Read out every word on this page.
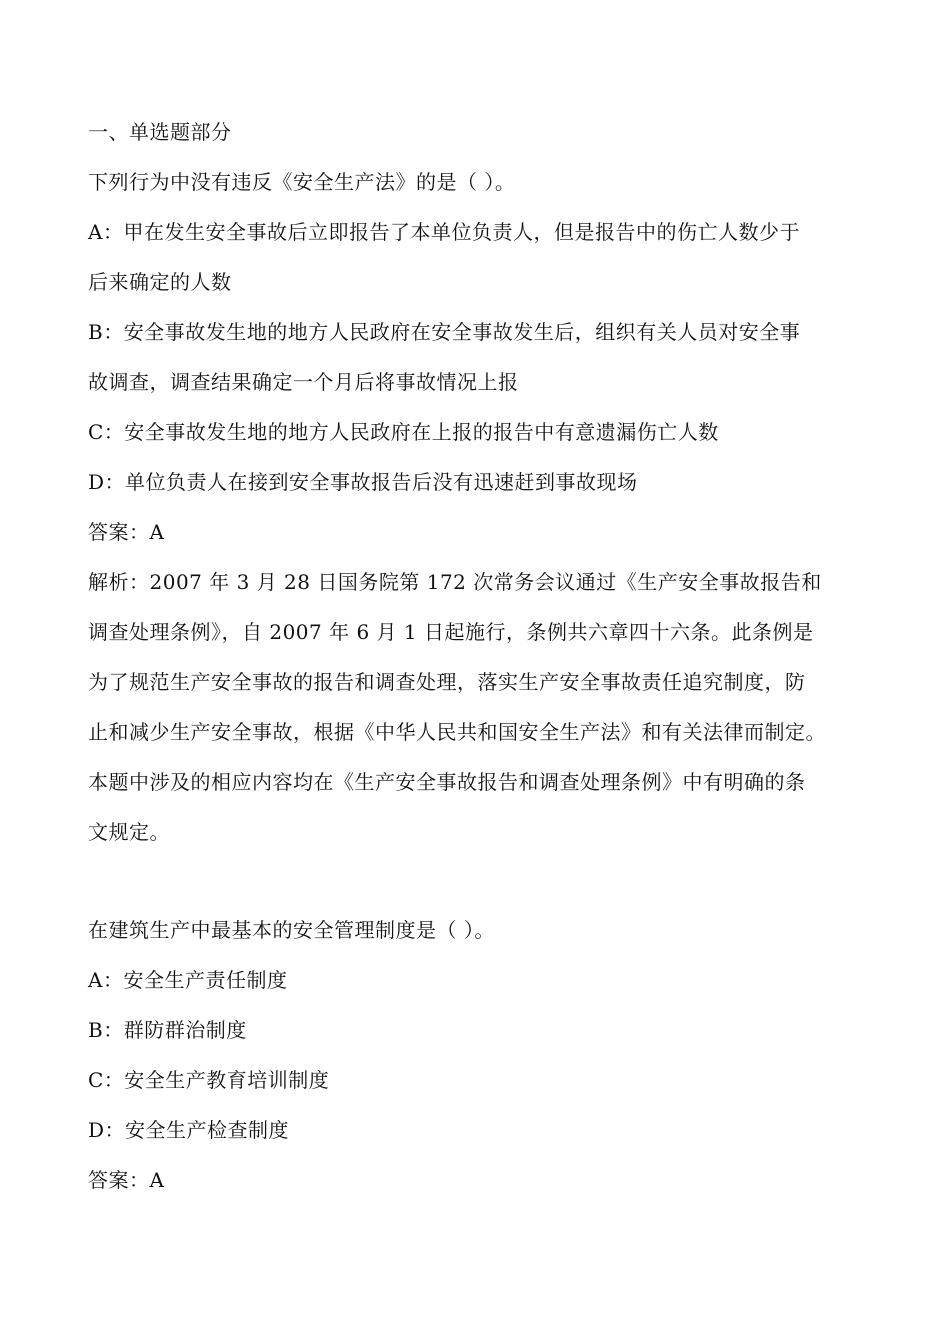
一、单选题部分
下列行为中没有违反《安全生产法》的是（ ）。
A：甲在发生安全事故后立即报告了本单位负责人，但是报告中的伤亡人数少于
后来确定的人数
B：安全事故发生地的地方人民政府在安全事故发生后，组织有关人员对安全事
故调查，调查结果确定一个月后将事故情况上报
C：安全事故发生地的地方人民政府在上报的报告中有意遗漏伤亡人数
D：单位负责人在接到安全事故报告后没有迅速赶到事故现场
答案：A
解析：2007 年 3 月 28 日国务院第 172 次常务会议通过《生产安全事故报告和
调查处理条例》，自 2007 年 6 月 1 日起施行，条例共六章四十六条。此条例是
为了规范生产安全事故的报告和调查处理，落实生产安全事故责任追究制度，防
止和减少生产安全事故，根据《中华人民共和国安全生产法》和有关法律而制定。
本题中涉及的相应内容均在《生产安全事故报告和调查处理条例》中有明确的条
文规定。
在建筑生产中最基本的安全管理制度是（ ）。
A：安全生产责任制度
B：群防群治制度
C：安全生产教育培训制度
D：安全生产检查制度
答案：A
